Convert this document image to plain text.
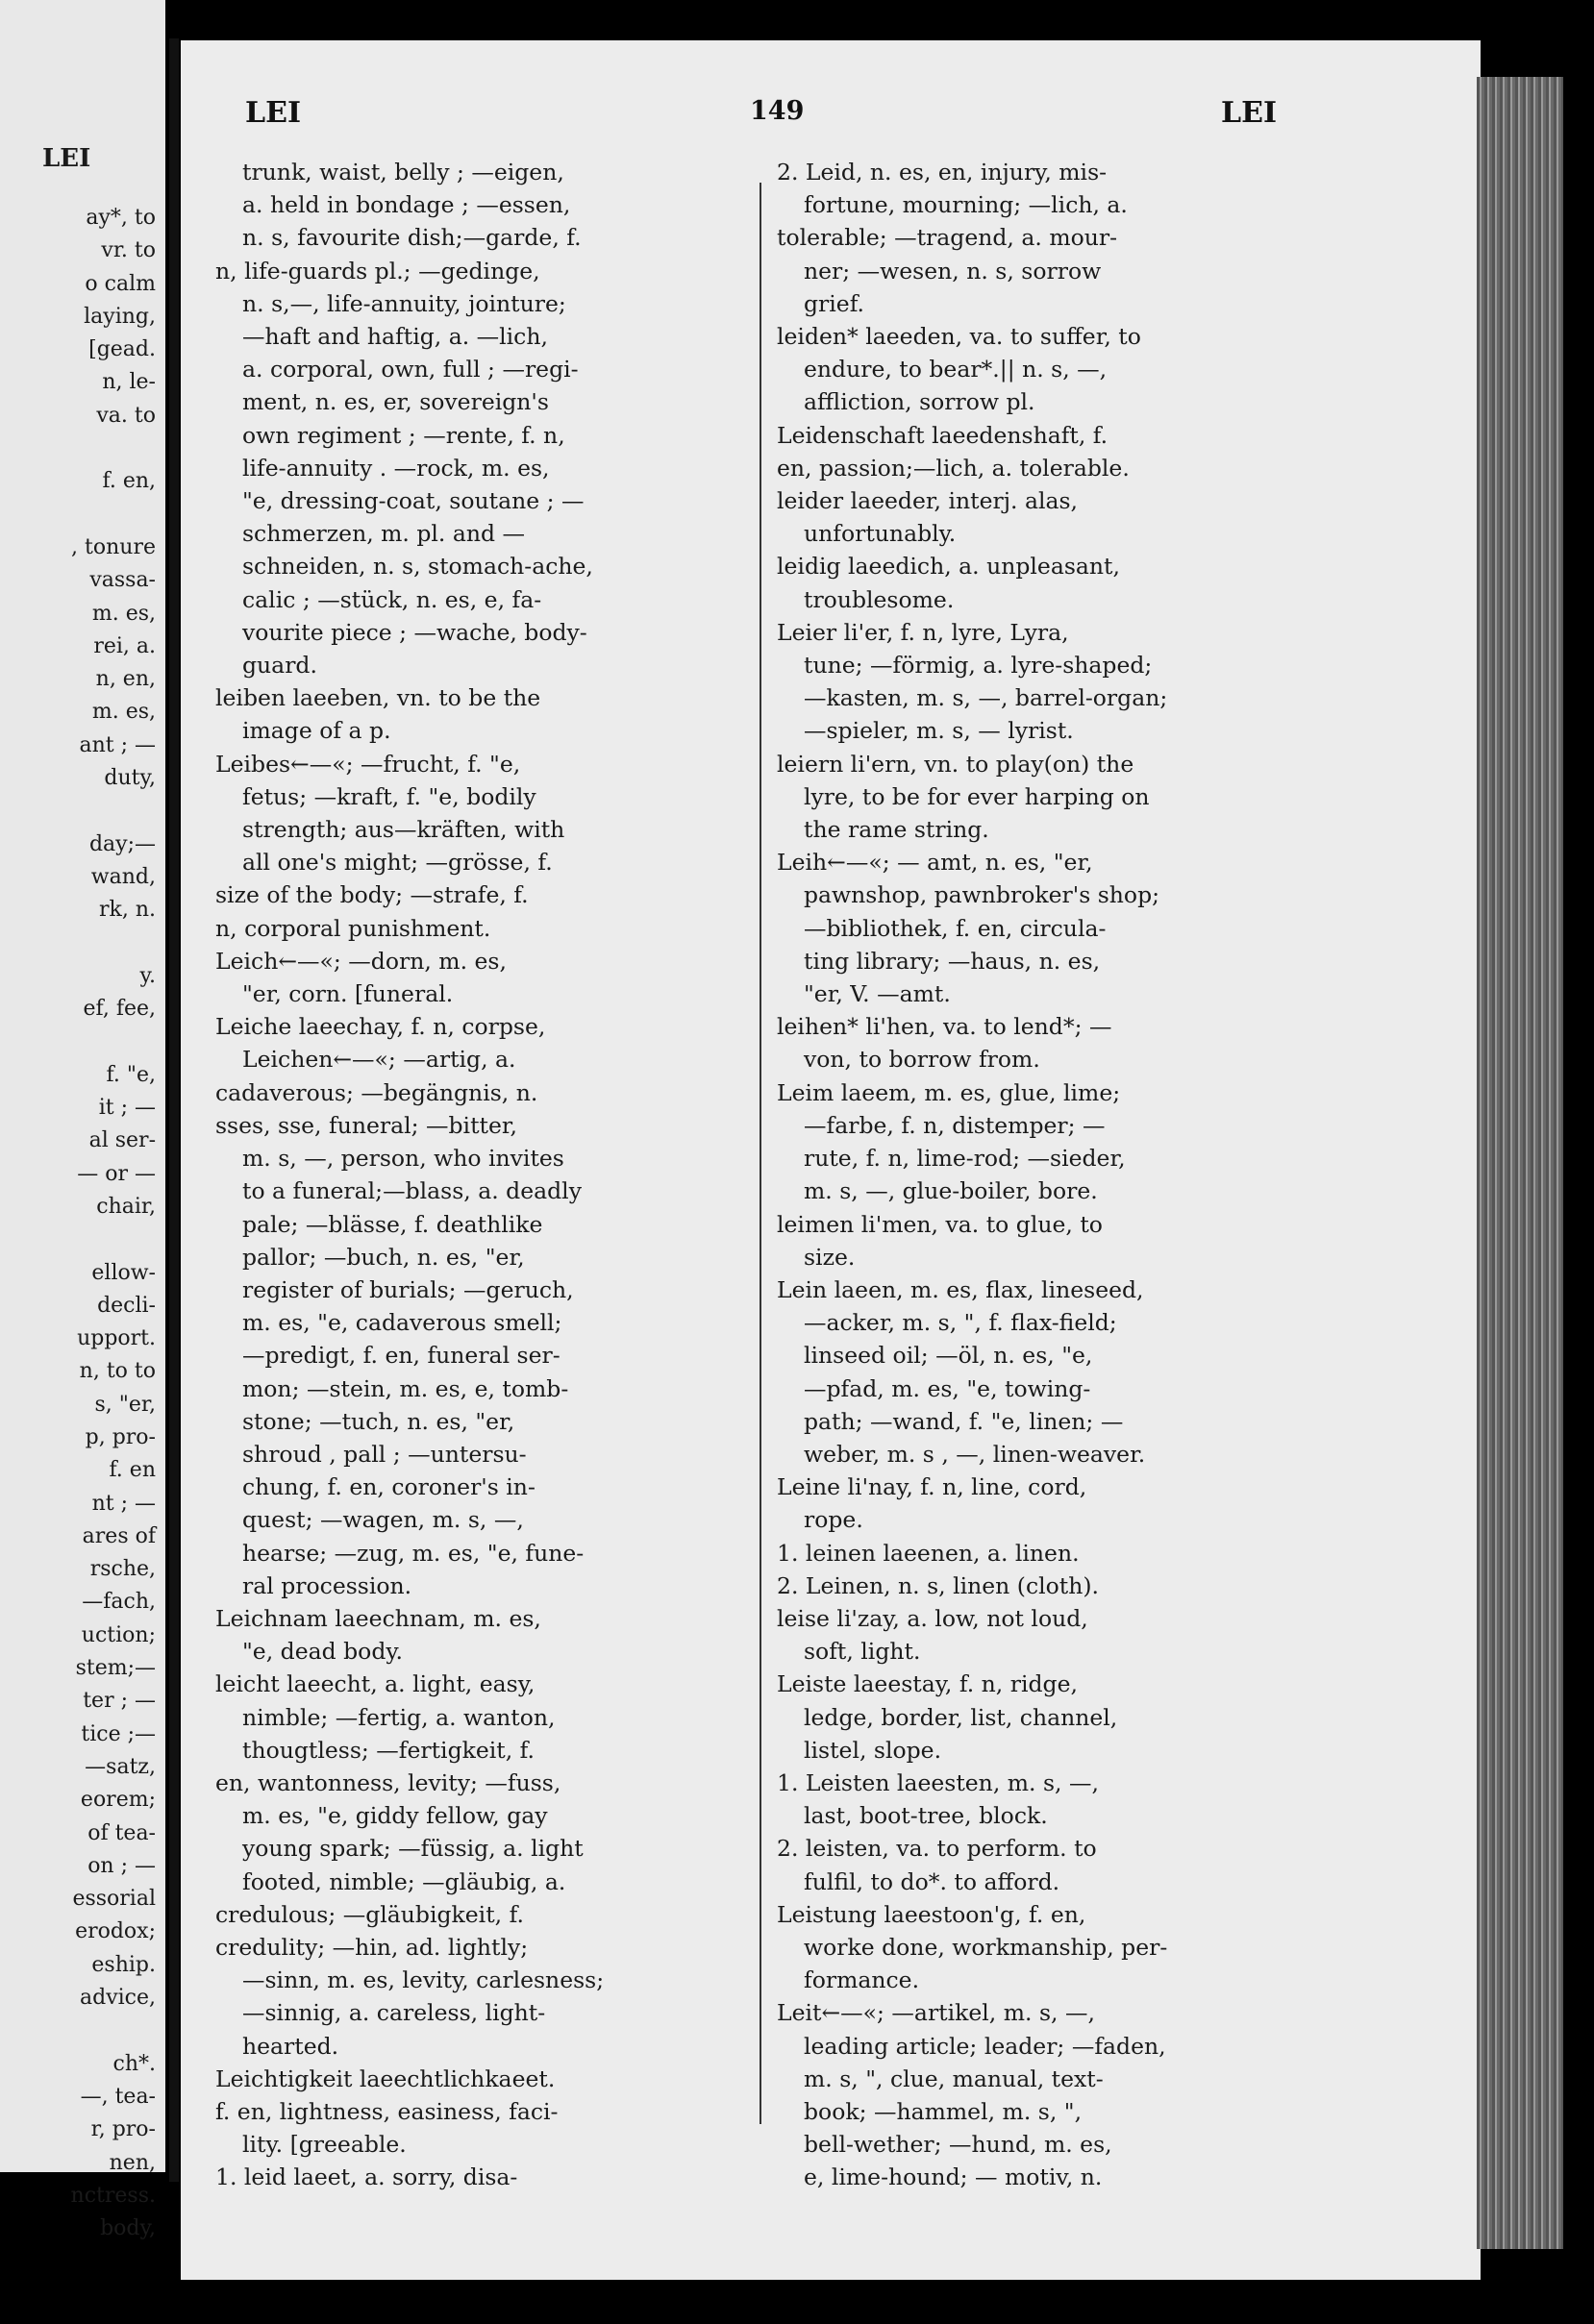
LEI
ay*, to
vr. to
o calm
laying,
[gead.
n, le-
va. to
f. en,
, tonure
vassa-
m. es,
rei, a.
n, en,
m. es,
ant ; —
duty,
day;—
wand,
rk, n.
y.
ef, fee,
f. "e,
it ; —
al ser-
— or —
chair,
ellow-
decli-
upport.
n, to to
s, "er,
p, pro-
f. en
nt ; —
ares of
rsche,
—fach,
uction;
stem;—
ter ; —
tice ;—
—satz,
eorem;
of tea-
on ; —
essorial
erodox;
eship.
advice,
ch*.
—, tea-
r, pro-
nen,
nctress.
body,
LEI	149	LEI
trunk, waist, belly ; —eigen,
a. held in bondage ; —essen,
n. s, favourite dish;—garde, f.
n, life-guards pl.; —gedinge,
n. s,—, life-annuity, jointure;
—haft and haftig, a. —lich,
a. corporal, own, full ; —regi-
ment, n. es, er, sovereign's
own regiment ; —rente, f. n,
life-annuity . —rock, m. es,
"e, dressing-coat, soutane ; —
schmerzen, m. pl. and —
schneiden, n. s, stomach-ache,
calic ; —stück, n. es, e, fa-
vourite piece ; —wache, body-
guard.
leiben laeeben, vn. to be the
image of a p.
Leibes←—«; —frucht, f. "e,
fetus; —kraft, f. "e, bodily
strength; aus—kräften, with
all one's might; —grösse, f.
size of the body; —strafe, f.
n, corporal punishment.
Leich←—«; —dorn, m. es,
"er, corn. [funeral.
Leiche laeechay, f. n, corpse,
Leichen←—«; —artig, a.
cadaverous; —begängnis, n.
sses, sse, funeral; —bitter,
m. s, —, person, who invites
to a funeral;—blass, a. deadly
pale; —blässe, f. deathlike
pallor; —buch, n. es, "er,
register of burials; —geruch,
m. es, "e, cadaverous smell;
—predigt, f. en, funeral ser-
mon; —stein, m. es, e, tomb-
stone; —tuch, n. es, "er,
shroud , pall ; —untersu-
chung, f. en, coroner's in-
quest; —wagen, m. s, —,
hearse; —zug, m. es, "e, fune-
ral procession.
Leichnam laeechnam, m. es,
"e, dead body.
leicht laeecht, a. light, easy,
nimble; —fertig, a. wanton,
thougtless; —fertigkeit, f.
en, wantonness, levity; —fuss,
m. es, "e, giddy fellow, gay
young spark; —füssig, a. light
footed, nimble; —gläubig, a.
credulous; —gläubigkeit, f.
credulity; —hin, ad. lightly;
—sinn, m. es, levity, carlesness;
—sinnig, a. careless, light-
hearted.
Leichtigkeit laeechtlichkaeet.
f. en, lightness, easiness, faci-
lity. [greeable.
1. leid laeet, a. sorry, disa-
2. Leid, n. es, en, injury, mis-
fortune, mourning; —lich, a.
tolerable; —tragend, a. mour-
ner; —wesen, n. s, sorrow
grief.
leiden* laeeden, va. to suffer, to
endure, to bear*.|| n. s, —,
affliction, sorrow pl.
Leidenschaft laeedenshaft, f.
en, passion;—lich, a. tolerable.
leider laeeder, interj. alas,
unfortunably.
leidig laeedich, a. unpleasant,
troublesome.
Leier li'er, f. n, lyre, Lyra,
tune; —förmig, a. lyre-shaped;
—kasten, m. s, —, barrel-organ;
—spieler, m. s, — lyrist.
leiern li'ern, vn. to play(on) the
lyre, to be for ever harping on
the rame string.
Leih←—«; — amt, n. es, "er,
pawnshop, pawnbroker's shop;
—bibliothek, f. en, circula-
ting library; —haus, n. es,
"er, V. —amt.
leihen* li'hen, va. to lend*; —
von, to borrow from.
Leim laeem, m. es, glue, lime;
—farbe, f. n, distemper; —
rute, f. n, lime-rod; —sieder,
m. s, —, glue-boiler, bore.
leimen li'men, va. to glue, to
size.
Lein laeen, m. es, flax, lineseed,
—acker, m. s, ", f. flax-field;
linseed oil; —öl, n. es, "e,
—pfad, m. es, "e, towing-
path; —wand, f. "e, linen; —
weber, m. s , —, linen-weaver.
Leine li'nay, f. n, line, cord,
rope.
1. leinen laeenen, a. linen.
2. Leinen, n. s, linen (cloth).
leise li'zay, a. low, not loud,
soft, light.
Leiste laeestay, f. n, ridge,
ledge, border, list, channel,
listel, slope.
1. Leisten laeesten, m. s, —,
last, boot-tree, block.
2. leisten, va. to perform. to
fulfil, to do*. to afford.
Leistung laeestoon'g, f. en,
worke done, workmanship, per-
formance.
Leit←—«; —artikel, m. s, —,
leading article; leader; —faden,
m. s, ", clue, manual, text-
book; —hammel, m. s, ",
bell-wether; —hund, m. es,
e, lime-hound; — motiv, n.
